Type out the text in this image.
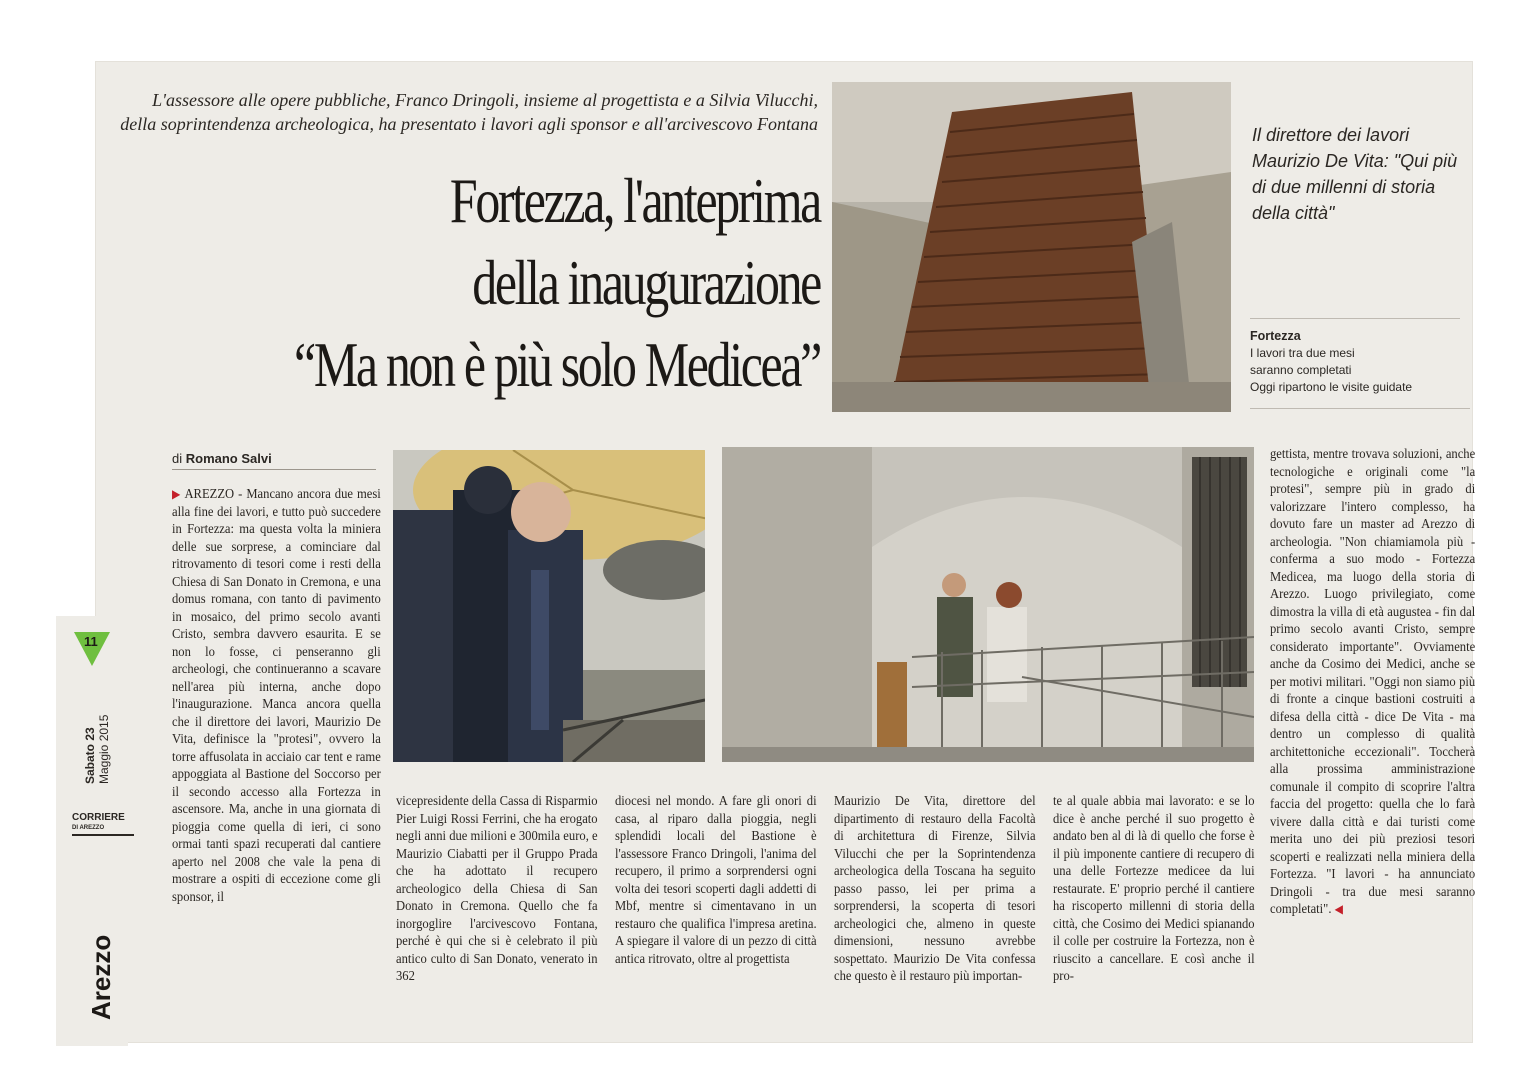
L'assessore alle opere pubbliche, Franco Dringoli, insieme al progettista e a Silvia Vilucchi, della soprintendenza archeologica, ha presentato i lavori agli sponsor e all'arcivescovo Fontana
Fortezza, l'anteprima
della inaugurazione
“Ma non è più solo Medicea”
Il direttore dei lavori Maurizio De Vita: "Qui più di due millenni di storia della città"
Fortezza
I lavori tra due mesi
saranno completati
Oggi ripartono le visite guidate
di Romano Salvi
▶ AREZZO - Mancano ancora due mesi alla fine dei lavori, e tutto può succedere in Fortezza: ma questa volta la miniera delle sue sorprese, a cominciare dal ritrovamento di tesori come i resti della Chiesa di San Donato in Cremona, e una domus romana, con tanto di pavimento in mosaico, del primo secolo avanti Cristo, sembra davvero esaurita. E se non lo fosse, ci penseranno gli archeologi, che continueranno a scavare nell'area più interna, anche dopo l'inaugurazione. Manca ancora quella che il direttore dei lavori, Maurizio De Vita, definisce la "protesi", ovvero la torre affusolata in acciaio car tent e rame appoggiata al Bastione del Soccorso per il secondo accesso alla Fortezza in ascensore. Ma, anche in una giornata di pioggia come quella di ieri, ci sono ormai tanti spazi recuperati dal cantiere aperto nel 2008 che vale la pena di mostrare a ospiti di eccezione come gli sponsor, il
vicepresidente della Cassa di Risparmio Pier Luigi Rossi Ferrini, che ha erogato negli anni due milioni e 300mila euro, e Maurizio Ciabatti per il Gruppo Prada che ha adottato il recupero archeologico della Chiesa di San Donato in Cremona. Quello che fa inorgoglire l'arcivescovo Fontana, perché è qui che si è celebrato il più antico culto di San Donato, venerato in 362
diocesi nel mondo. A fare gli onori di casa, al riparo dalla pioggia, negli splendidi locali del Bastione è l'assessore Franco Dringoli, l'anima del recupero, il primo a sorprendersi ogni volta dei tesori scoperti dagli addetti di Mbf, mentre si cimentavano in un restauro che qualifica l'impresa aretina. A spiegare il valore di un pezzo di città antica ritrovato, oltre al progettista
Maurizio De Vita, direttore del dipartimento di restauro della Facoltà di architettura di Firenze, Silvia Vilucchi che per la Soprintendenza archeologica della Toscana ha seguito passo passo, lei per prima a sorprendersi, la scoperta di tesori archeologici che, almeno in queste dimensioni, nessuno avrebbe sospettato. Maurizio De Vita confessa che questo è il restauro più importan-
te al quale abbia mai lavorato: e se lo dice è anche perché il suo progetto è andato ben al di là di quello che forse è il più imponente cantiere di recupero di una delle Fortezze medicee da lui restaurate. E' proprio perché il cantiere ha riscoperto millenni di storia della città, che Cosimo dei Medici spianando il colle per costruire la Fortezza, non è riuscito a cancellare. E così anche il pro-
gettista, mentre trovava soluzioni, anche tecnologiche e originali come "la protesi", sempre più in grado di valorizzare l'intero complesso, ha dovuto fare un master ad Arezzo di archeologia. "Non chiamiamola più - conferma a suo modo - Fortezza Medicea, ma luogo della storia di Arezzo. Luogo privilegiato, come dimostra la villa di età augustea - fin dal primo secolo avanti Cristo, sempre considerato importante". Ovviamente anche da Cosimo dei Medici, anche se per motivi militari. "Oggi non siamo più di fronte a cinque bastioni costruiti a difesa della città - dice De Vita - ma dentro un complesso di qualità architettoniche eccezionali". Toccherà alla prossima amministrazione comunale il compito di scoprire l'altra faccia del progetto: quella che lo farà vivere dalla città e dai turisti come merita uno dei più preziosi tesori scoperti e realizzati nella miniera della Fortezza. "I lavori - ha annunciato Dringoli - tra due mesi saranno completati". ◀
11
Sabato 23 Maggio 2015
CORRIERE
DI AREZZO
Arezzo
